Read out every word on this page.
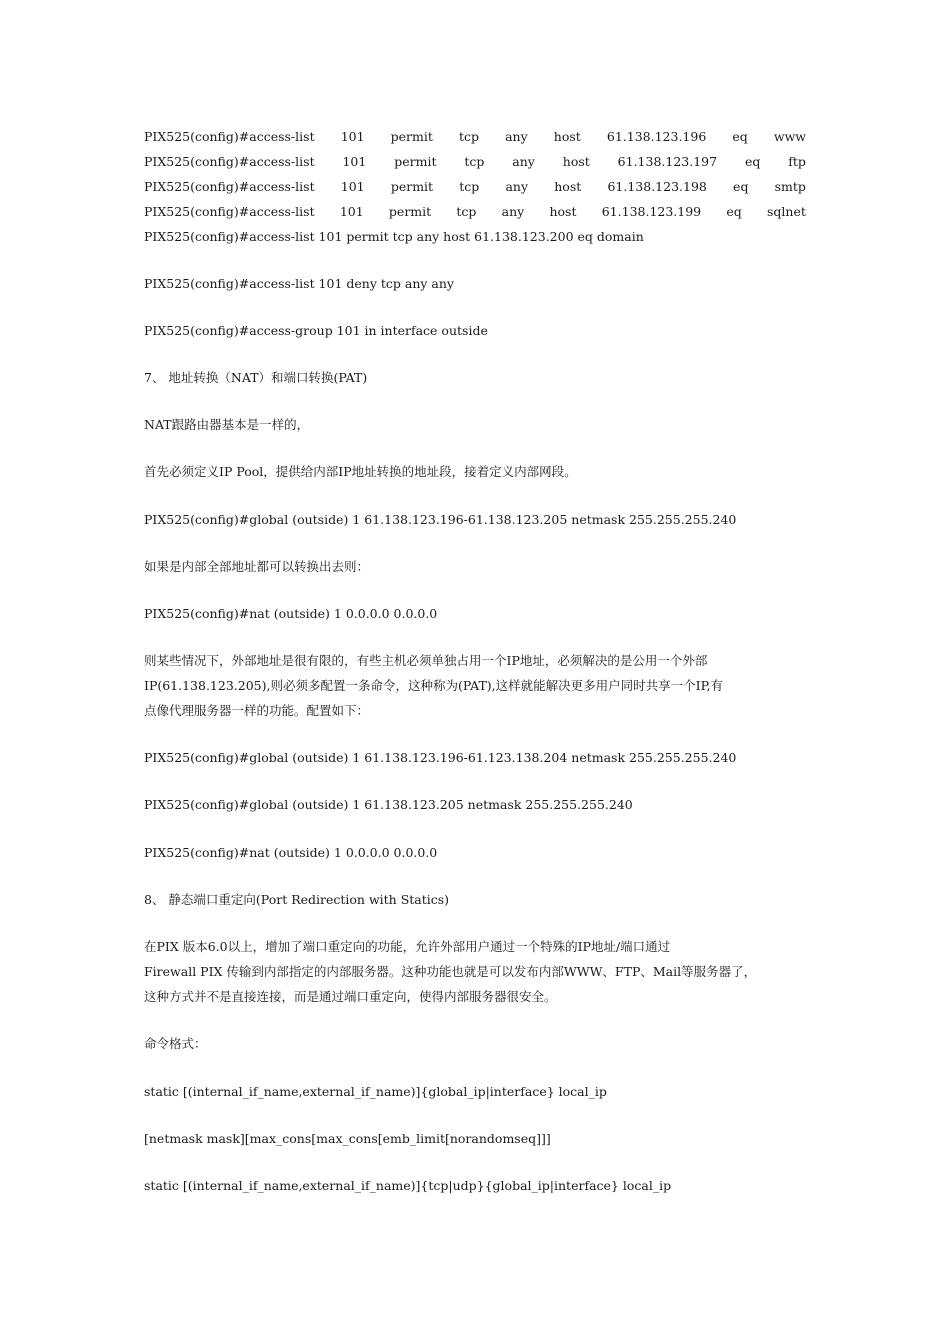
PIX525(config)#access-list 101 permit tcp any host 61.138.123.196 eq www
PIX525(config)#access-list 101 permit tcp any host 61.138.123.197 eq ftp
PIX525(config)#access-list 101 permit tcp any host 61.138.123.198 eq smtp
PIX525(config)#access-list 101 permit tcp any host 61.138.123.199 eq sqlnet
PIX525(config)#access-list 101 permit tcp any host 61.138.123.200 eq domain
PIX525(config)#access-list 101 deny tcp any any
PIX525(config)#access-group 101 in interface outside
7、 地址转换（NAT）和端口转换(PAT)
NAT跟路由器基本是一样的，
首先必须定义IP Pool，提供给内部IP地址转换的地址段，接着定义内部网段。
PIX525(config)#global (outside) 1 61.138.123.196-61.138.123.205 netmask 255.255.255.240
如果是内部全部地址都可以转换出去则：
PIX525(config)#nat (outside) 1 0.0.0.0 0.0.0.0
则某些情况下，外部地址是很有限的，有些主机必须单独占用一个IP地址，必须解决的是公用一个外部
IP(61.138.123.205),则必须多配置一条命令，这种称为(PAT),这样就能解决更多用户同时共享一个IP,有
点像代理服务器一样的功能。配置如下：
PIX525(config)#global (outside) 1 61.138.123.196-61.123.138.204 netmask 255.255.255.240
PIX525(config)#global (outside) 1 61.138.123.205 netmask 255.255.255.240
PIX525(config)#nat (outside) 1 0.0.0.0 0.0.0.0
8、 静态端口重定向(Port Redirection with Statics)
在PIX 版本6.0以上，增加了端口重定向的功能，允许外部用户通过一个特殊的IP地址/端口通过
Firewall PIX 传输到内部指定的内部服务器。这种功能也就是可以发布内部WWW、FTP、Mail等服务器了，
这种方式并不是直接连接，而是通过端口重定向，使得内部服务器很安全。
命令格式：
static [(internal_if_name,external_if_name)]{global_ip|interface} local_ip
[netmask mask][max_cons[max_cons[emb_limit[norandomseq]]]
static [(internal_if_name,external_if_name)]{tcp|udp}{global_ip|interface} local_ip
